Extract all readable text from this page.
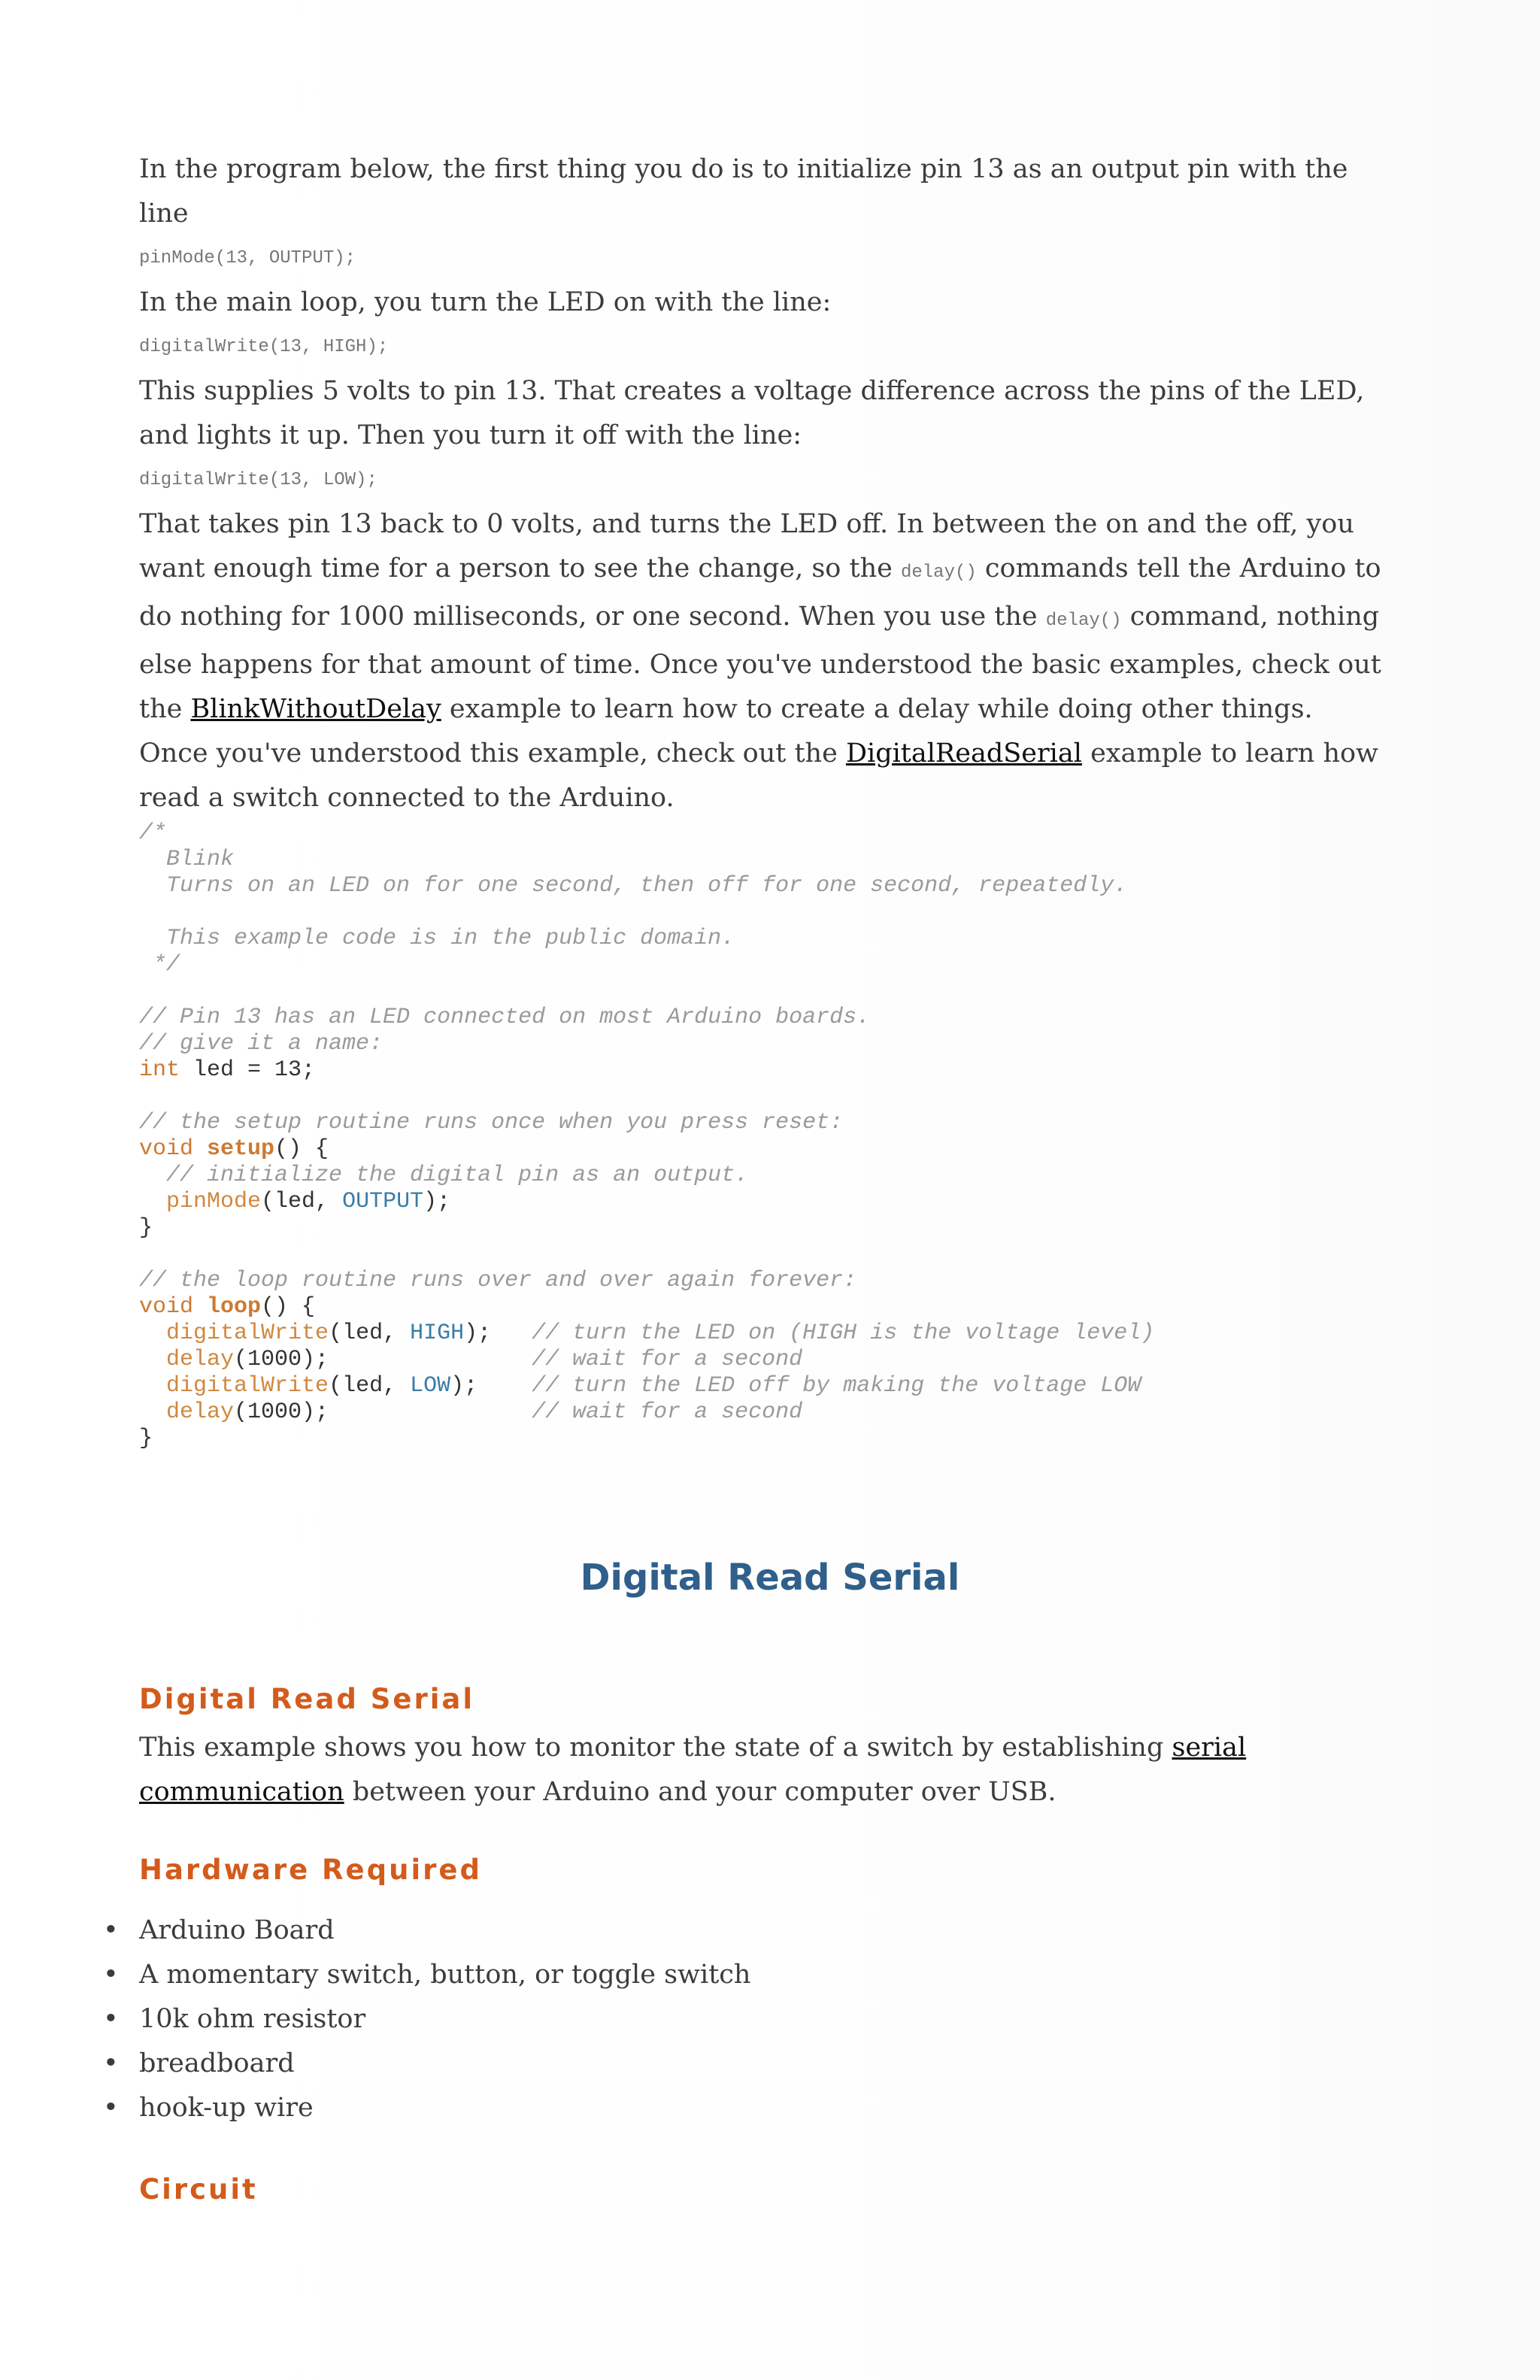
In the program below, the first thing you do is to initialize pin 13 as an output pin with the line

pinMode(13, OUTPUT);

In the main loop, you turn the LED on with the line:

digitalWrite(13, HIGH);

This supplies 5 volts to pin 13. That creates a voltage difference across the pins of the LED, and lights it up. Then you turn it off with the line:

digitalWrite(13, LOW);

That takes pin 13 back to 0 volts, and turns the LED off. In between the on and the off, you want enough time for a person to see the change, so the delay() commands tell the Arduino to do nothing for 1000 milliseconds, or one second. When you use the delay() command, nothing else happens for that amount of time. Once you've understood the basic examples, check out the BlinkWithoutDelay example to learn how to create a delay while doing other things.

Once you've understood this example, check out the DigitalReadSerial example to learn how read a switch connected to the Arduino.

/*
Blink
Turns on an LED on for one second, then off for one second, repeatedly.

This example code is in the public domain.
*/

// Pin 13 has an LED connected on most Arduino boards.
// give it a name:
int led = 13;

// the setup routine runs once when you press reset:
void setup() {
// initialize the digital pin as an output.
pinMode(led, OUTPUT);
}

// the loop routine runs over and over again forever:
void loop() {
digitalWrite(led, HIGH);   // turn the LED on (HIGH is the voltage level)
delay(1000);               // wait for a second
digitalWrite(led, LOW);    // turn the LED off by making the voltage LOW
delay(1000);               // wait for a second
}
Digital Read Serial
Digital Read Serial

This example shows you how to monitor the state of a switch by establishing serial communication between your Arduino and your computer over USB.

Hardware Required
• Arduino Board
• A momentary switch, button, or toggle switch
• 10k ohm resistor
• breadboard
• hook-up wire
Circuit
